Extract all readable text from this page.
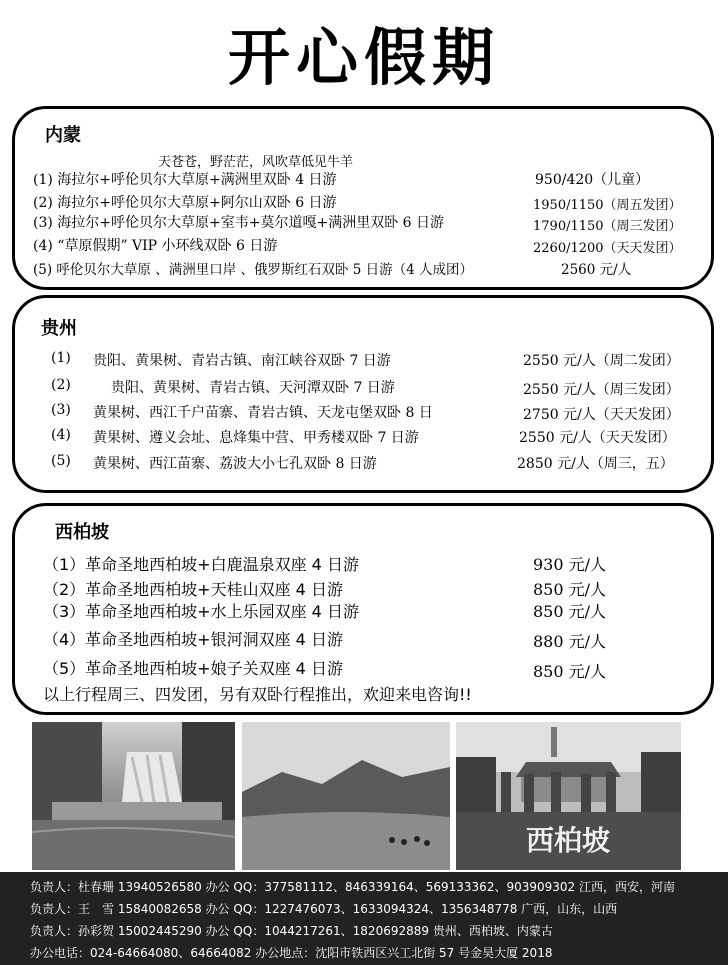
开心假期
内蒙
天苍苍，野茫茫，风吹草低见牛羊
(1) 海拉尔+呼伦贝尔大草原+满洲里双卧 4 日游	950/420（儿童）
(2) 海拉尔+呼伦贝尔大草原+阿尔山双卧 6 日游	1950/1150（周五发团）
(3) 海拉尔+呼伦贝尔大草原+室韦+莫尔道嘎+满洲里双卧 6 日游	1790/1150（周三发团）
(4) “草原假期” VIP 小环线双卧 6 日游	2260/1200（天天发团）
(5) 呼伦贝尔大草原 、满洲里口岸 、俄罗斯红石双卧 5 日游（4 人成团）	2560 元/人
贵州
(1) 贵阳、黄果树、青岩古镇、南江峡谷双卧 7 日游	2550 元/人（周二发团）
(2)	贵阳、黄果树、青岩古镇、天河潭双卧 7 日游	2550 元/人（周三发团）
(3) 黄果树、西江千户苗寨、青岩古镇、天龙屯堡双卧 8 日	2750 元/人（天天发团）
(4) 黄果树、遵义会址、息烽集中营、甲秀楼双卧 7 日游	2550 元/人（天天发团）
(5) 黄果树、西江苗寨、荔波大小七孔双卧 8 日游	2850 元/人（周三，五）
西柏坡
（1）革命圣地西柏坡+白鹿温泉双座 4 日游	930 元/人
（2）革命圣地西柏坡+天桂山双座 4 日游	850 元/人
（3）革命圣地西柏坡+水上乐园双座 4 日游	850 元/人
（4）革命圣地西柏坡+银河洞双座 4 日游	880 元/人
（5）革命圣地西柏坡+娘子关双座 4 日游	850 元/人
以上行程周三、四发团，另有双卧行程推出，欢迎来电咨询!!
西柏坡
负责人：杜春珊 13940526580 办公 QQ：377581112、846339164、569133362、903909302 江西，西安，河南
负责人：王　雪 15840082658 办公 QQ：1227476073、1633094324、1356348778 广西，山东，山西
负责人：孙彩贺 15002445290 办公 QQ：1044217261、1820692889 贵州、西柏坡、内蒙古
办公电话：024-64664080、64664082 办公地点：沈阳市铁西区兴工北街 57 号金昊大厦 2018
